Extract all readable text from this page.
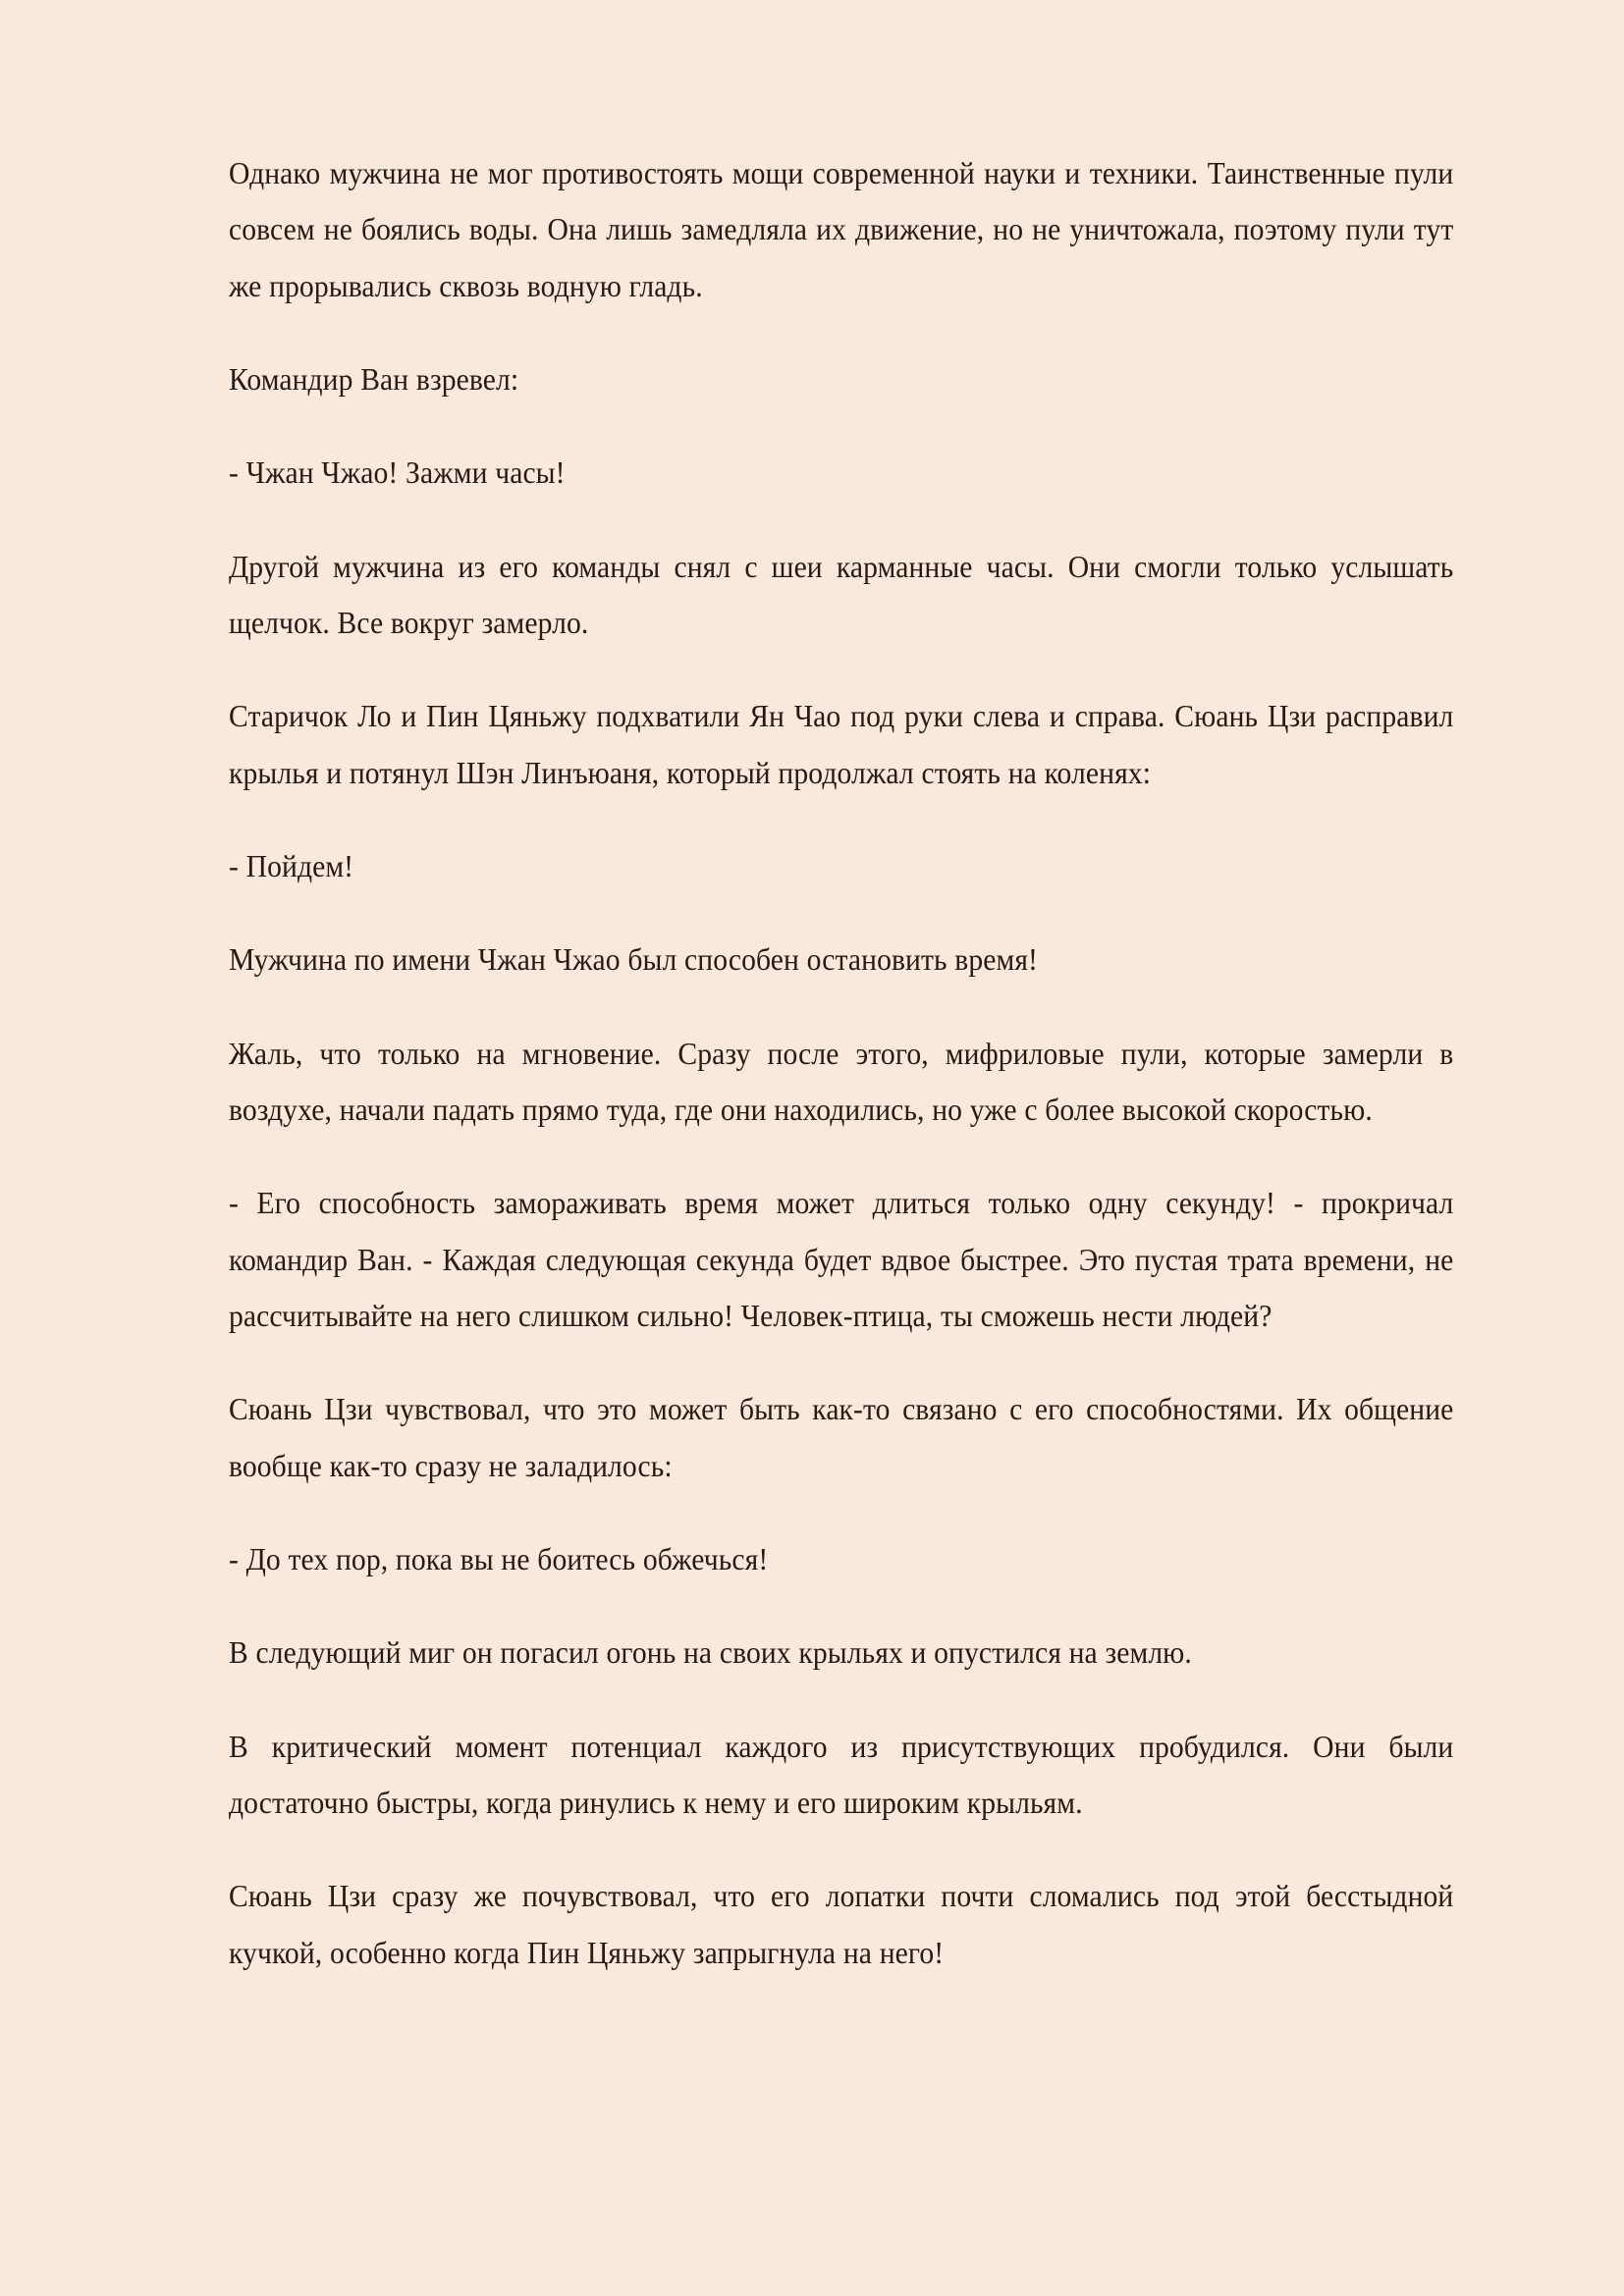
Однако мужчина не мог противостоять мощи современной науки и техники. Таинственные пули совсем не боялись воды. Она лишь замедляла их движение, но не уничтожала, поэтому пули тут же прорывались сквозь водную гладь.

Командир Ван взревел:

- Чжан Чжао! Зажми часы!

Другой мужчина из его команды снял с шеи карманные часы. Они смогли только услышать щелчок. Все вокруг замерло.

Старичок Ло и Пин Цяньжу подхватили Ян Чао под руки слева и справа. Сюань Цзи расправил крылья и потянул Шэн Линъюаня, который продолжал стоять на коленях:

- Пойдем!

Мужчина по имени Чжан Чжао был способен остановить время!

Жаль, что только на мгновение. Сразу после этого, мифриловые пули, которые замерли в воздухе, начали падать прямо туда, где они находились, но уже с более высокой скоростью.

- Его способность замораживать время может длиться только одну секунду! - прокричал командир Ван. - Каждая следующая секунда будет вдвое быстрее. Это пустая трата времени, не рассчитывайте на него слишком сильно! Человек-птица, ты сможешь нести людей?

Сюань Цзи чувствовал, что это может быть как-то связано с его способностями. Их общение вообще как-то сразу не заладилось:

- До тех пор, пока вы не боитесь обжечься!

В следующий миг он погасил огонь на своих крыльях и опустился на землю.

В критический момент потенциал каждого из присутствующих пробудился. Они были достаточно быстры, когда ринулись к нему и его широким крыльям.

Сюань Цзи сразу же почувствовал, что его лопатки почти сломались под этой бесстыдной кучкой, особенно когда Пин Цяньжу запрыгнула на него!
